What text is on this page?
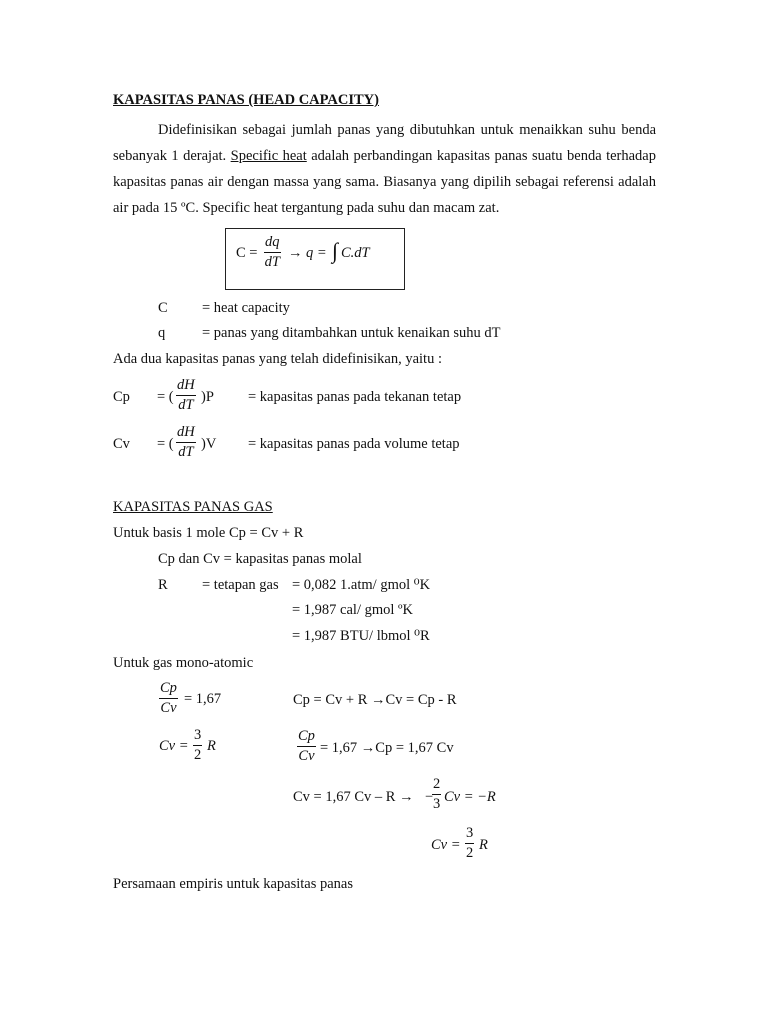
KAPASITAS PANAS (HEAD CAPACITY)
Didefinisikan sebagai jumlah panas yang dibutuhkan untuk menaikkan suhu benda sebanyak 1 derajat. Specific heat adalah perbandingan kapasitas panas suatu benda terhadap kapasitas panas air dengan massa yang sama. Biasanya yang dipilih sebagai referensi adalah air pada 15 ºC. Specific heat tergantung pada suhu dan macam zat.
$C = \frac{dq}{dT} \to q$ = ∫ C.dT
C = heat capacity
q	= panas yang ditambahkan untuk kenaikan suhu dT
Ada dua kapasitas panas yang telah didefinisikan, yaitu :
Cp = ( $\frac{dH}{dT} )P$ = kapasitas panas pada tekanan tetap
Cv = ( $\frac{dH}{dT} )V$ = kapasitas panas pada volume tetap
KAPASITAS PANAS GAS
Untuk basis 1 mole Cp = Cv + R
Cp dan Cv = kapasitas panas molal
R = tetapan gas = 0,082 1.atm/ gmol ⁰K
= 1,987 cal/ gmol ºK
= 1,987 BTU/ lbmol ⁰R
Untuk gas mono-atomic
$\frac{Cp}{Cv} = 1,67$	Cp = Cv + R →Cv = Cp - R
$Cv = \frac{3}{2}$ R	$\frac{Cp}{Cv} = 1,67 \to Cp = 1,67$ Cv
Cv = 1,67 Cv – R → −
$\frac{2}{3}$ Cv = −R
$Cv = \frac{3}{2}$ R
Persamaan empiris untuk kapasitas panas
